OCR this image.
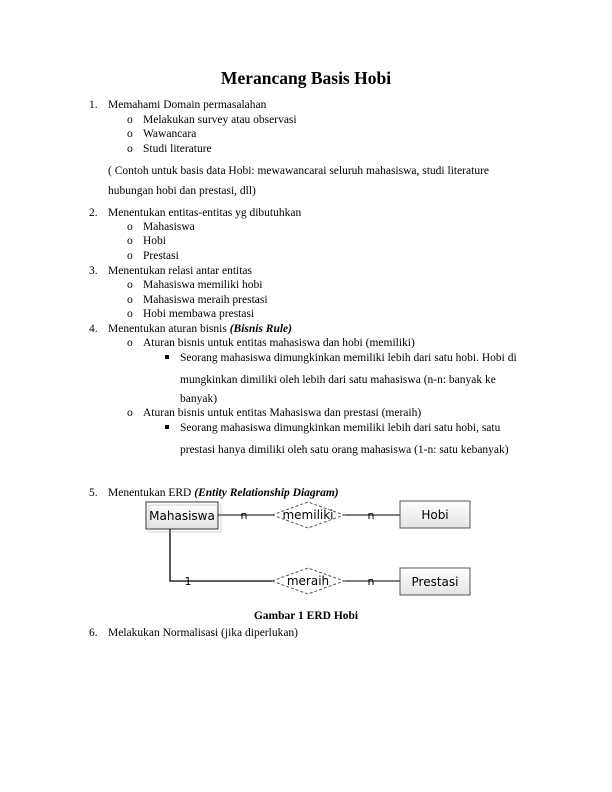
Merancang Basis Hobi
1. Memahami Domain permasalahan
o Melakukan survey atau observasi
o Wawancara
o Studi literature
( Contoh untuk basis data Hobi: mewawancarai seluruh mahasiswa, studi literature
hubungan hobi dan prestasi, dll)
2. Menentukan entitas-entitas yg dibutuhkan
o Mahasiswa
o Hobi
o Prestasi
3. Menentukan relasi antar entitas
o Mahasiswa memiliki hobi
o Mahasiswa meraih prestasi
o Hobi membawa prestasi
4. Menentukan aturan bisnis (Bisnis Rule)
o Aturan bisnis untuk entitas mahasiswa dan hobi (memiliki)
Seorang mahasiswa dimungkinkan memiliki lebih dari satu hobi. Hobi di
mungkinkan dimiliki oleh lebih dari satu mahasiswa (n-n: banyak ke
banyak)
o Aturan bisnis untuk entitas Mahasiswa dan prestasi (meraih)
Seorang mahasiswa dimungkinkan memiliki lebih dari satu hobi, satu
prestasi hanya dimiliki oleh satu orang mahasiswa (1-n: satu kebanyak)
5. Menentukan ERD (Entity Relationship Diagram)
Mahasiswa	Hobi
Prestasi
memiliki
meraih
n	n
1	n
Gambar 1 ERD Hobi
6. Melakukan Normalisasi (jika diperlukan)
